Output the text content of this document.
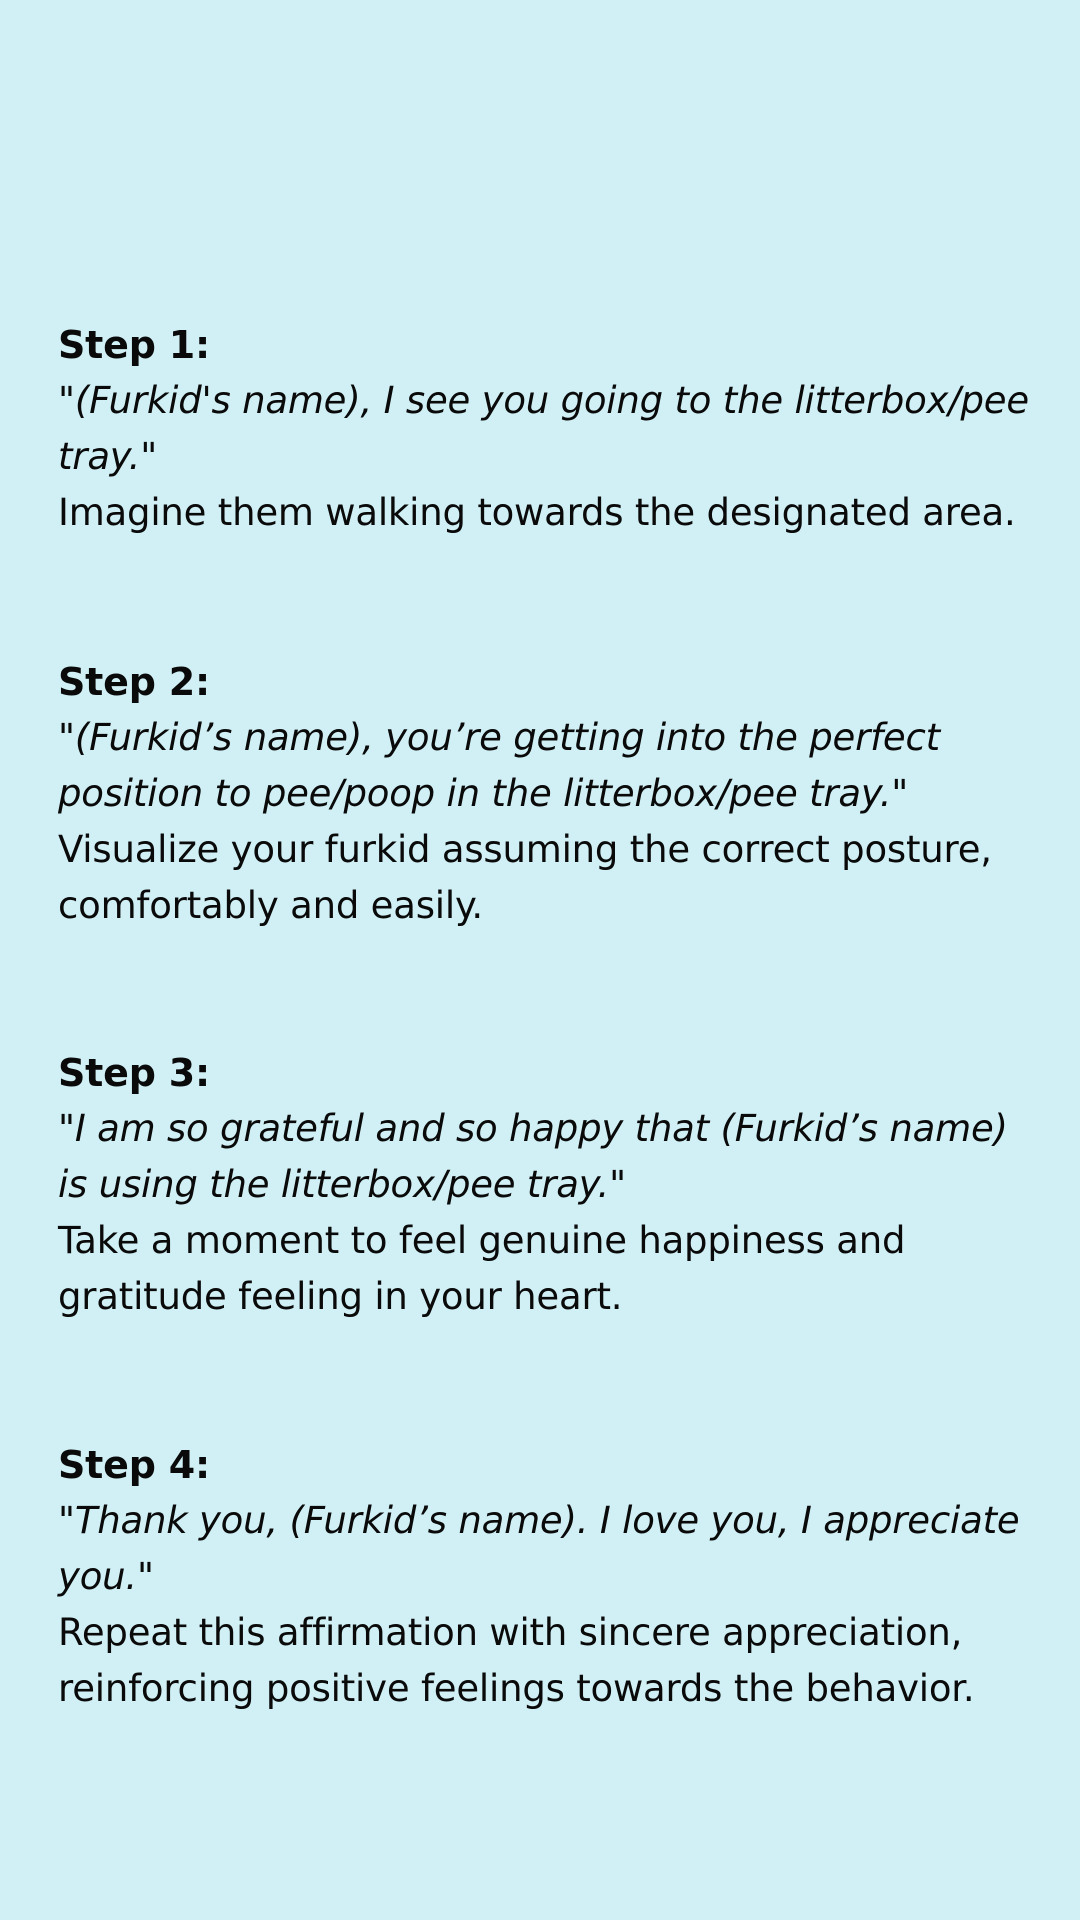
Step 1:
"(Furkid's name), I see you going to the litterbox/pee tray."
Imagine them walking towards the designated area.
Step 2:
"(Furkid’s name), you’re getting into the perfect position to pee/poop in the litterbox/pee tray."
Visualize your furkid assuming the correct posture, comfortably and easily.
Step 3:
"I am so grateful and so happy that (Furkid’s name) is using the litterbox/pee tray."
Take a moment to feel genuine happiness and gratitude feeling in your heart.
Step 4:
"Thank you, (Furkid’s name). I love you, I appreciate you."
Repeat this affirmation with sincere appreciation, reinforcing positive feelings towards the behavior.
